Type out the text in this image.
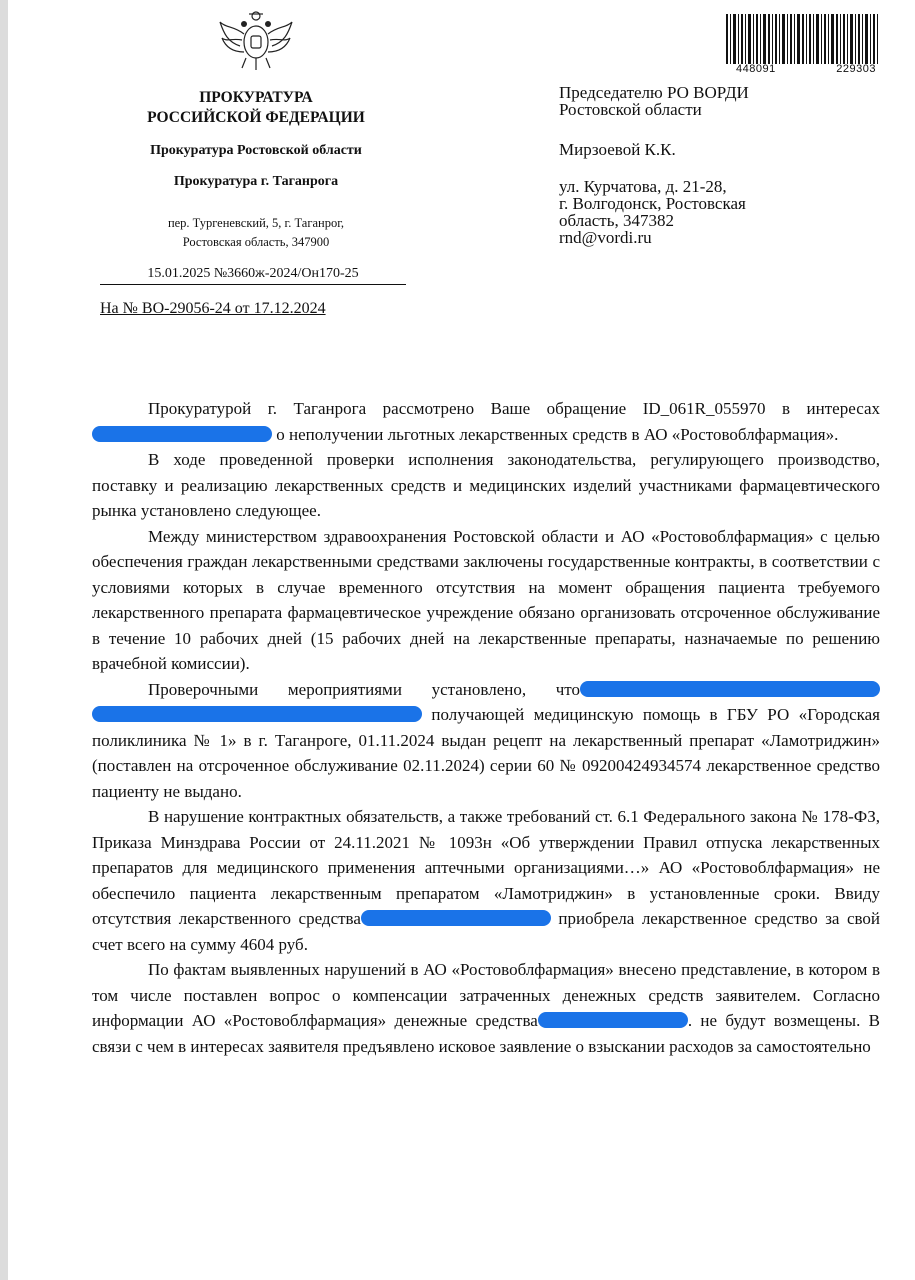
448091	229303
ПРОКУРАТУРА
РОССИЙСКОЙ ФЕДЕРАЦИИ
Прокуратура Ростовской области
Прокуратура г. Таганрога
пер. Тургеневский, 5, г. Таганрог,
Ростовская область, 347900
15.01.2025 №3660ж-2024/Он170-25
На № ВО-29056-24 от 17.12.2024
Председателю РО ВОРДИ
Ростовской области
Мирзоевой К.К.
ул. Курчатова, д. 21-28,
г. Волгодонск, Ростовская
область, 347382
rnd@vordi.ru

Прокуратурой г. Таганрога рассмотрено Ваше обращение ID_061R_055970 в интересах о неполучении льготных лекарственных средств в АО «Ростовоблфармация».

В ходе проведенной проверки исполнения законодательства, регулирующего производство, поставку и реализацию лекарственных средств и медицинских изделий участниками фармацевтического рынка установлено следующее.

Между министерством здравоохранения Ростовской области и АО «Ростовоблфармация» с целью обеспечения граждан лекарственными средствами заключены государственные контракты, в соответствии с условиями которых в случае временного отсутствия на момент обращения пациента требуемого лекарственного препарата фармацевтическое учреждение обязано организовать отсроченное обслуживание в течение 10 рабочих дней (15 рабочих дней на лекарственные препараты, назначаемые по решению врачебной комиссии).

Проверочными мероприятиями установлено, что получающей медицинскую помощь в ГБУ РО «Городская поликлиника № 1» в г. Таганроге, 01.11.2024 выдан рецепт на лекарственный препарат «Ламотриджин» (поставлен на отсроченное обслуживание 02.11.2024) серии 60 № 09200424934574 лекарственное средство пациенту не выдано.

В нарушение контрактных обязательств, а также требований ст. 6.1 Федерального закона № 178-ФЗ, Приказа Минздрава России от 24.11.2021 № 1093н «Об утверждении Правил отпуска лекарственных препаратов для медицинского применения аптечными организациями…» АО «Ростовоблфармация» не обеспечило пациента лекарственным препаратом «Ламотриджин» в установленные сроки. Ввиду отсутствия лекарственного средства	приобрела лекарственное средство за свой счет всего на сумму 4604 руб.

По фактам выявленных нарушений в АО «Ростовоблфармация» внесено представление, в котором в том числе поставлен вопрос о компенсации затраченных денежных средств заявителем. Согласно информации АО «Ростовоблфармация» денежные средства	. не будут возмещены. В связи с чем в интересах заявителя предъявлено исковое заявление о взыскании расходов за самостоятельно
